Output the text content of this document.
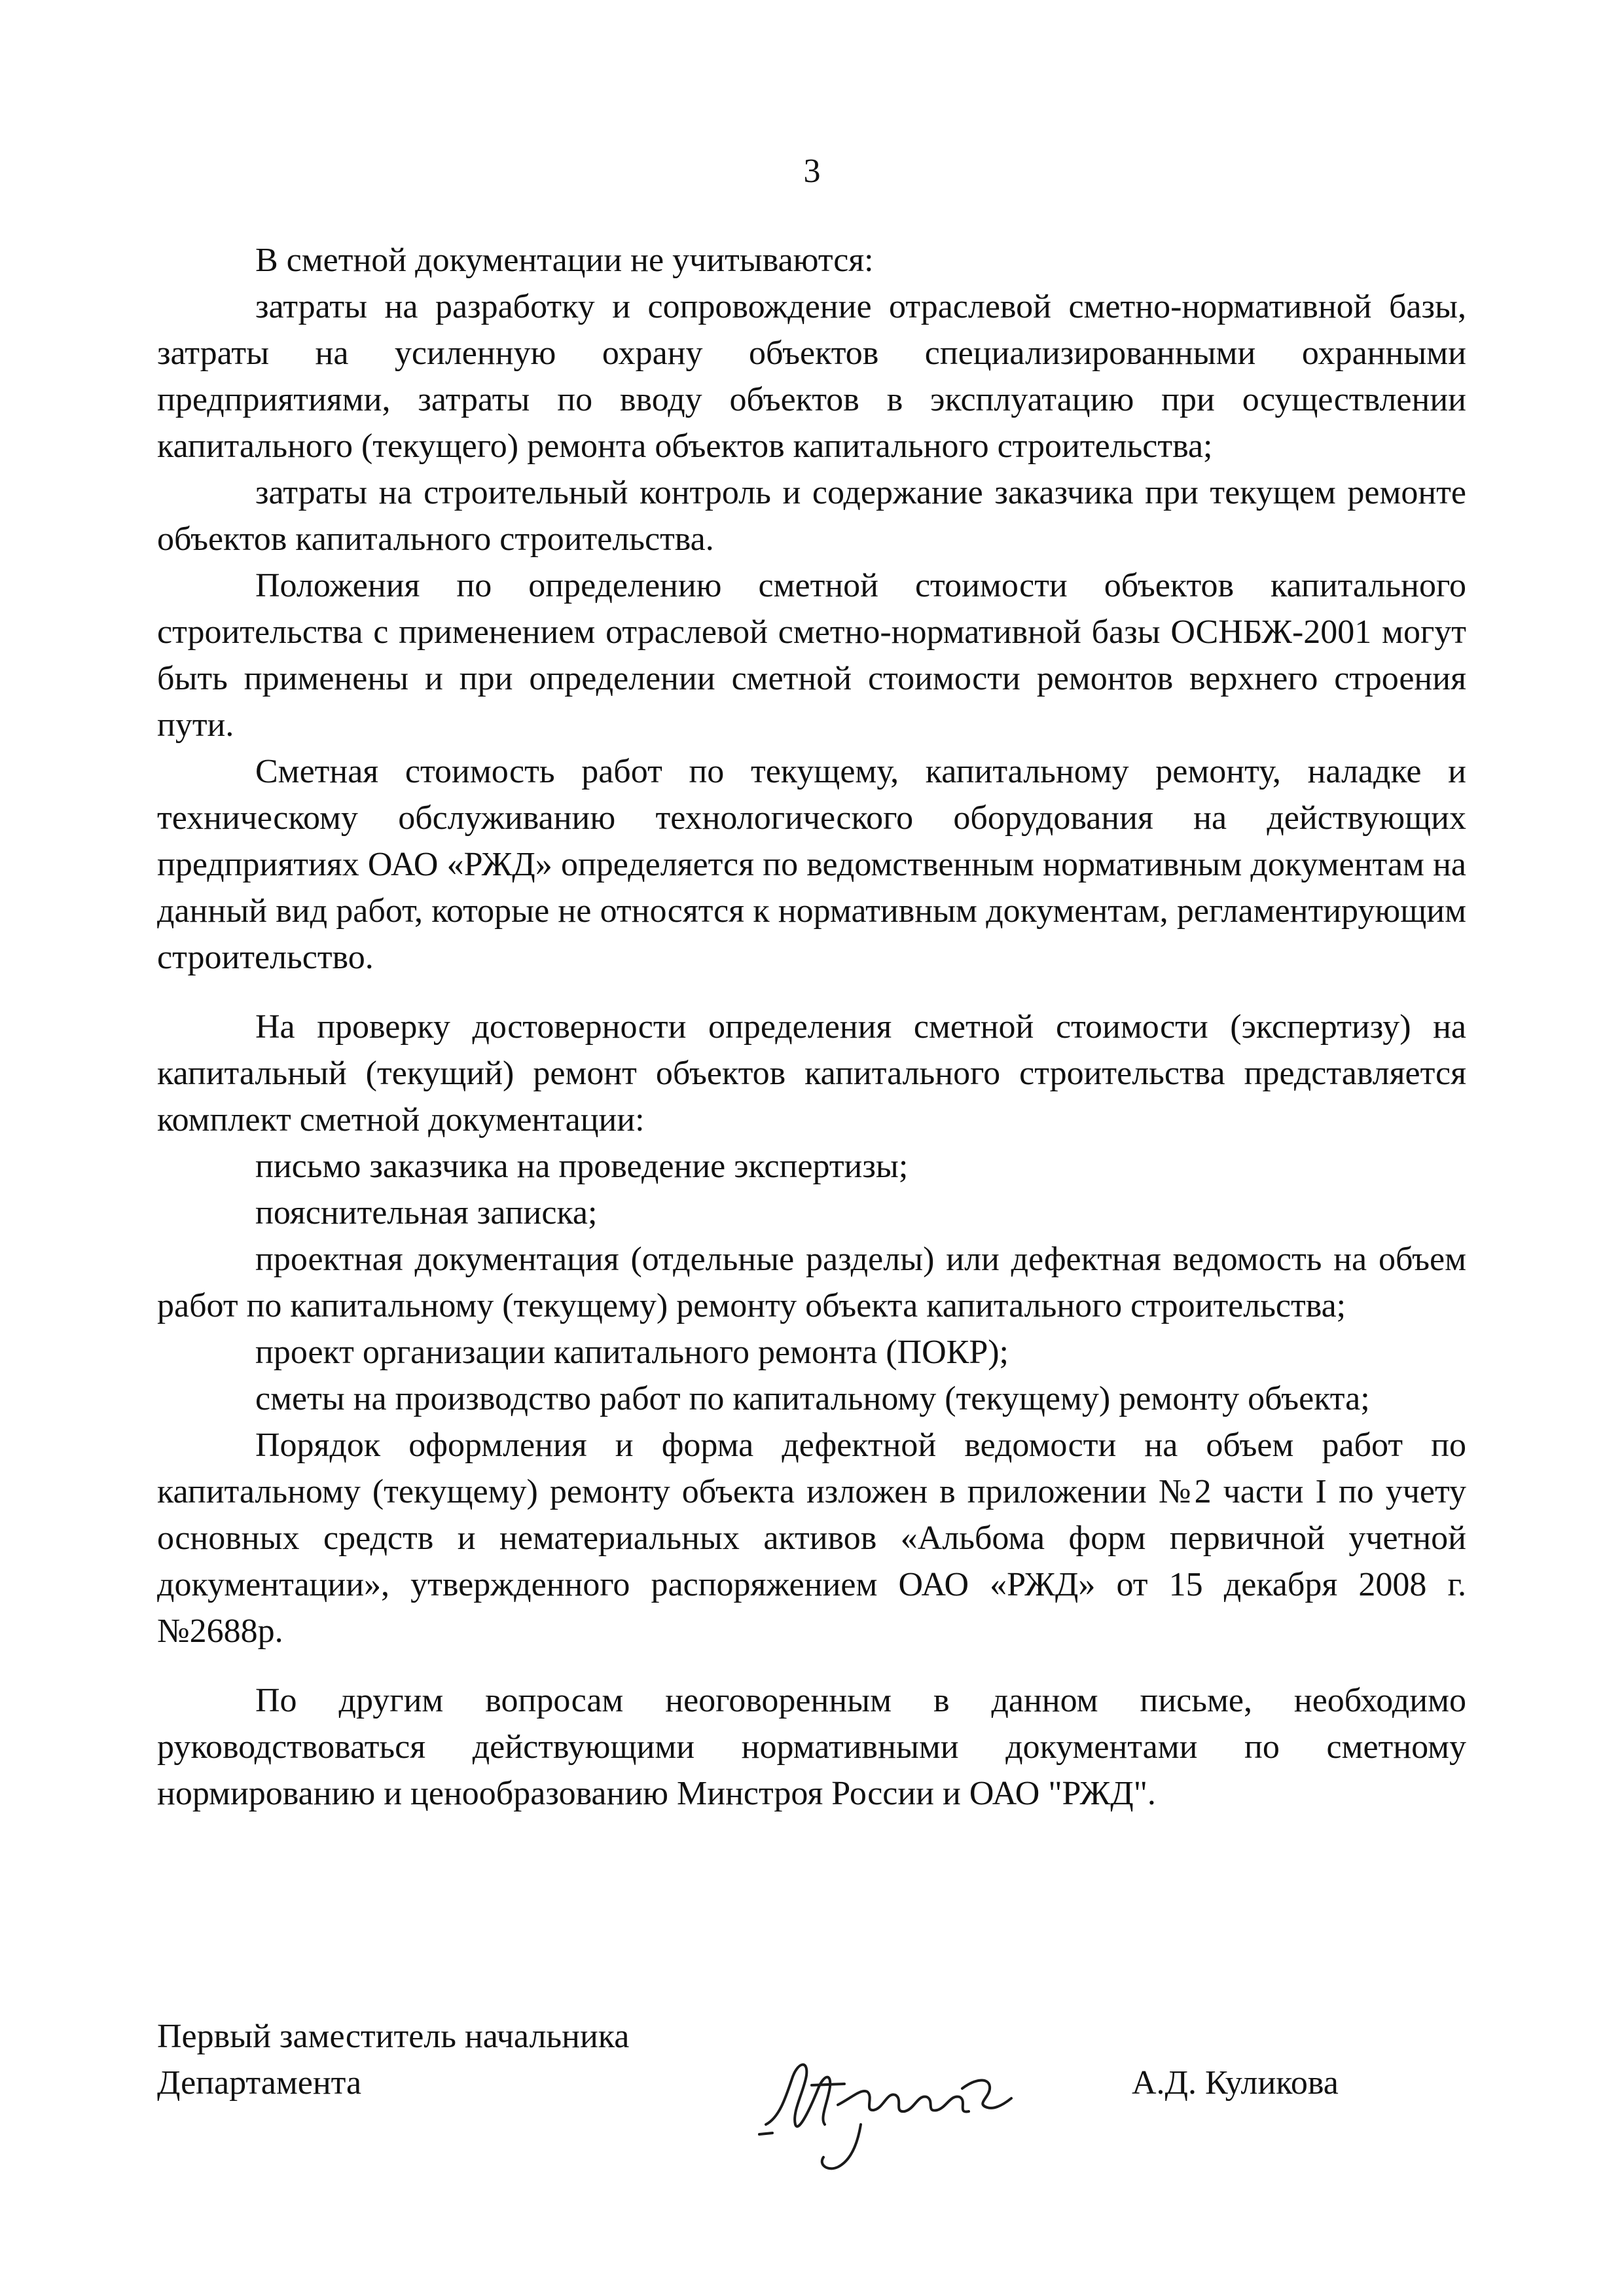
3

В сметной документации не учитываются:

затраты на разработку и сопровождение отраслевой сметно-нормативной базы, затраты на усиленную охрану объектов специализированными охранными предприятиями, затраты по вводу объектов в эксплуатацию при осуществлении капитального (текущего) ремонта объектов капитального строительства;

затраты на строительный контроль и содержание заказчика при текущем ремонте объектов капитального строительства.

Положения по определению сметной стоимости объектов капитального строительства с применением отраслевой сметно-нормативной базы ОСНБЖ-2001 могут быть применены и при определении сметной стоимости ремонтов верхнего строения пути.

Сметная стоимость работ по текущему, капитальному ремонту, наладке и техническому обслуживанию технологического оборудования на действующих предприятиях ОАО «РЖД» определяется по ведомственным нормативным документам на данный вид работ, которые не относятся к нормативным документам, регламентирующим строительство.

На проверку достоверности определения сметной стоимости (экспертизу) на капитальный (текущий) ремонт объектов капитального строительства представляется комплект сметной документации:

письмо заказчика на проведение экспертизы;

пояснительная записка;

проектная документация (отдельные разделы) или дефектная ведомость на объем работ по капитальному (текущему) ремонту объекта капитального строительства;

проект организации капитального ремонта (ПОКР);

сметы на производство работ по капитальному (текущему) ремонту объекта;

Порядок оформления и форма дефектной ведомости на объем работ по капитальному (текущему) ремонту объекта изложен в приложении №2 части I по учету основных средств и нематериальных активов «Альбома форм первичной учетной документации», утвержденного распоряжением ОАО «РЖД» от 15 декабря 2008 г. №2688р.

По другим вопросам неоговоренным в данном письме, необходимо руководствоваться действующими нормативными документами по сметному нормированию и ценообразованию Минстроя России и ОАО "РЖД".

Первый заместитель начальника
Департамента	А.Д. Куликова
